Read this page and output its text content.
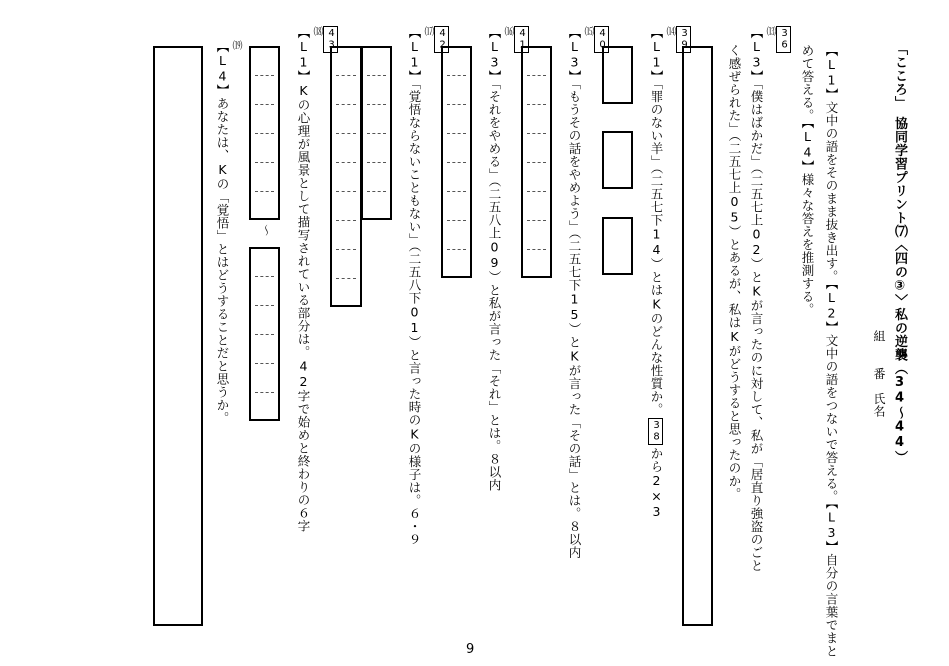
「こころ」　協同学習プリント⑺〈四の③〉私の逆襲（34～44）
組　　番　氏名
【L1】文中の語をそのまま抜き出す。【L2】文中の語をつないで答える。【L3】自分の言葉でまと
めて答える。【L4】様々な答えを推測する。
36
⒀
【L3】「僕はばかだ」（二五七上02）とKが言ったのに対して、私が「居直り強盗のごと
く感ぜられた」（二五七上05）とあるが、私はKがどうすると思ったのか。
39
⒁
【L1】「罪のない羊」（二五七下14）とはKのどんな性質か。38から2×3
40
⒂
【L3】「もうその話をやめよう」（二五七下15）とKが言った「その話」とは。８以内
41
⒃
【L3】「それをやめる」（二五八上09）と私が言った「それ」とは。８以内
42
⒄
【L1】「覚悟ならないこともない」（二五八下01）と言った時のKの様子は。６・９
43
⒅
【L1】Kの心理が風景として描写されている部分は。42字で始めと終わりの６字
～
⒆
【L4】あなたは、Kの「覚悟」とはどうすることだと思うか。
9
